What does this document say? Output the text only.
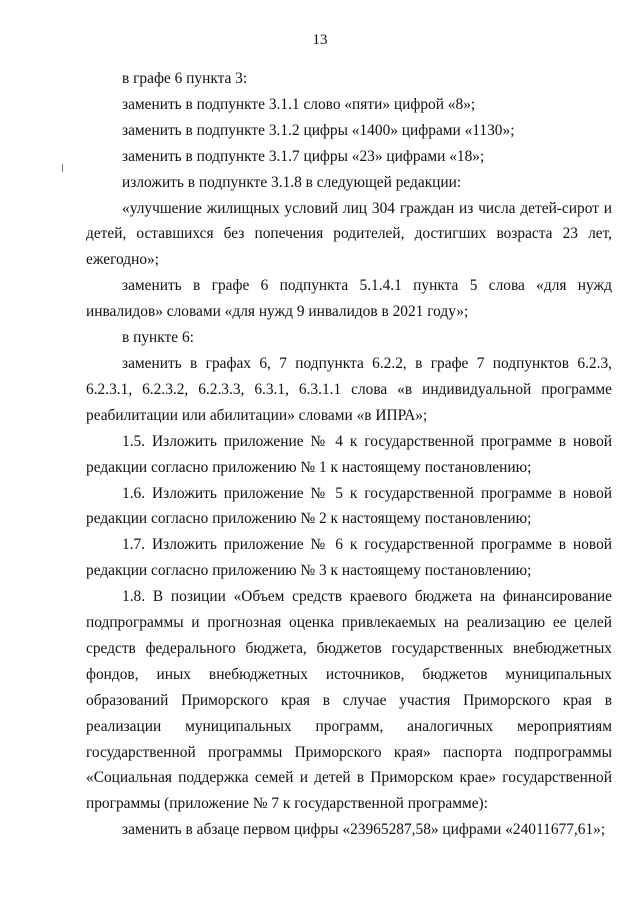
13

в графе 6 пункта 3:

заменить в подпункте 3.1.1 слово «пяти» цифрой «8»;

заменить в подпункте 3.1.2 цифры «1400» цифрами «1130»;

заменить в подпункте 3.1.7 цифры «23» цифрами «18»;

изложить в подпункте 3.1.8 в следующей редакции:

«улучшение жилищных условий лиц 304 граждан из числа детей-сирот и детей, оставшихся без попечения родителей, достигших возраста 23 лет, ежегодно»;

заменить в графе 6 подпункта 5.1.4.1 пункта 5 слова «для нужд инвалидов» словами «для нужд 9 инвалидов в 2021 году»;

в пункте 6:

заменить в графах 6, 7 подпункта 6.2.2, в графе 7 подпунктов 6.2.3, 6.2.3.1, 6.2.3.2, 6.2.3.3, 6.3.1, 6.3.1.1 слова «в индивидуальной программе реабилитации или абилитации» словами «в ИПРА»;

1.5. Изложить приложение № 4 к государственной программе в новой редакции согласно приложению № 1 к настоящему постановлению;

1.6. Изложить приложение № 5 к государственной программе в новой редакции согласно приложению № 2 к настоящему постановлению;

1.7. Изложить приложение № 6 к государственной программе в новой редакции согласно приложению № 3 к настоящему постановлению;

1.8. В позиции «Объем средств краевого бюджета на финансирование подпрограммы и прогнозная оценка привлекаемых на реализацию ее целей средств федерального бюджета, бюджетов государственных внебюджетных фондов, иных внебюджетных источников, бюджетов муниципальных образований Приморского края в случае участия Приморского края в реализации муниципальных программ, аналогичных мероприятиям государственной программы Приморского края» паспорта подпрограммы «Социальная поддержка семей и детей в Приморском крае» государственной программы (приложение № 7 к государственной программе):

заменить в абзаце первом цифры «23965287,58» цифрами «24011677,61»;
